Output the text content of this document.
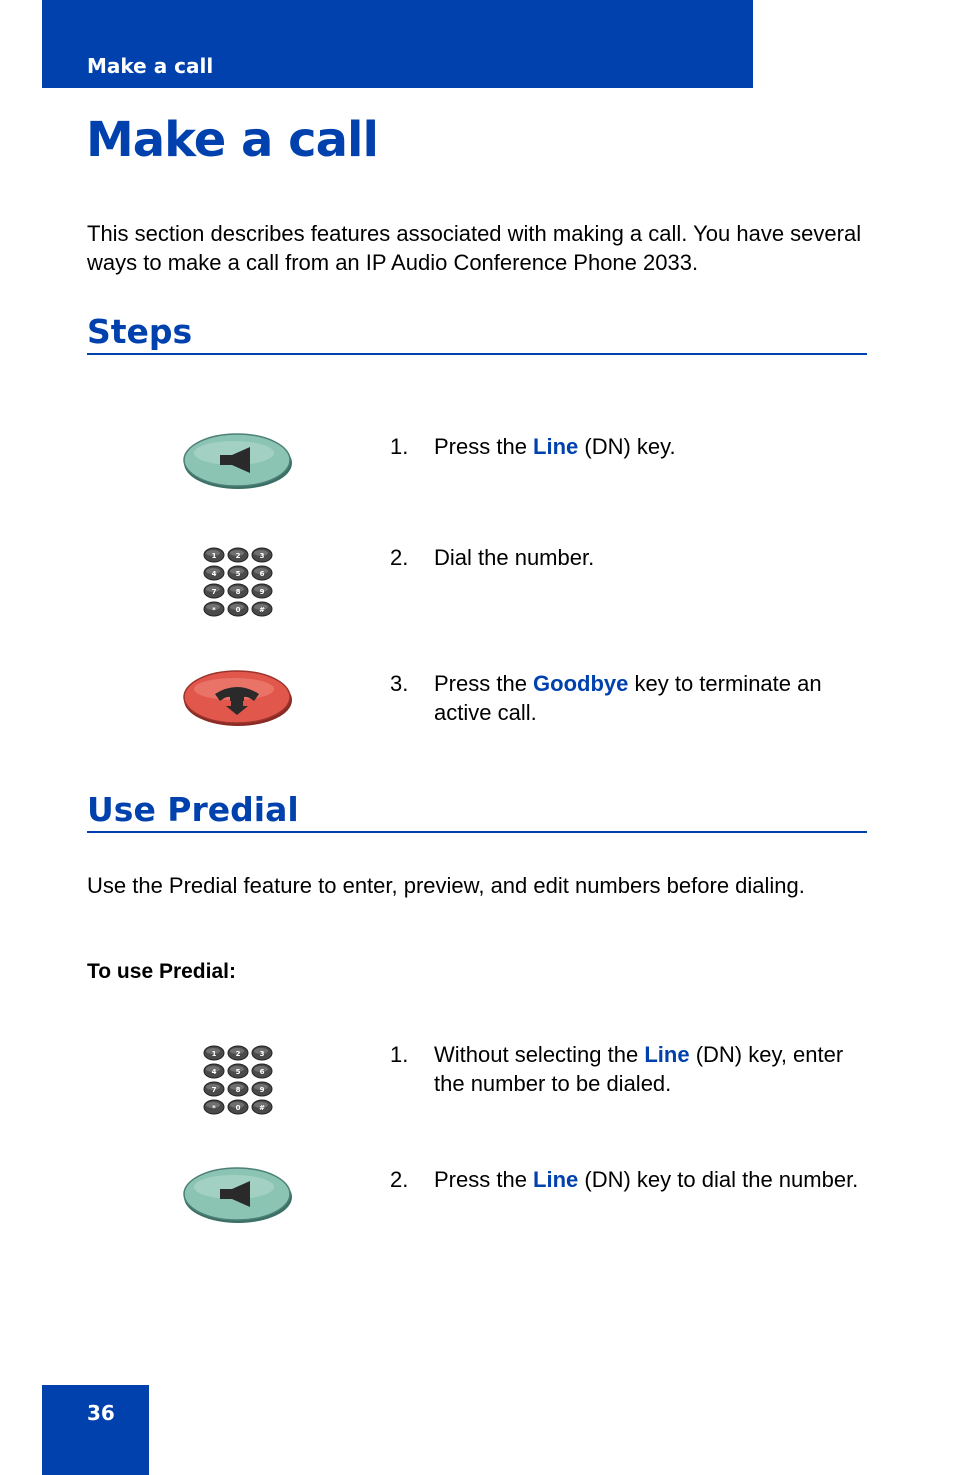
Make a call
Make a call

This section describes features associated with making a call. You have several ways to make a call from an IP Audio Conference Phone 2033.

Steps
1. Press the Line (DN) key.
1	2	3
4	5	6
7	8	9
*	0	#
2. Dial the number.
3. Press the Goodbye key to terminate an active call.
Use Predial

Use the Predial feature to enter, preview, and edit numbers before dialing.

To use Predial:
1	2	3
4	5	6
7	8	9
*	0	#
1. Without selecting the Line (DN) key, enter the number to be dialed.
2. Press the Line (DN) key to dial the number.
36
